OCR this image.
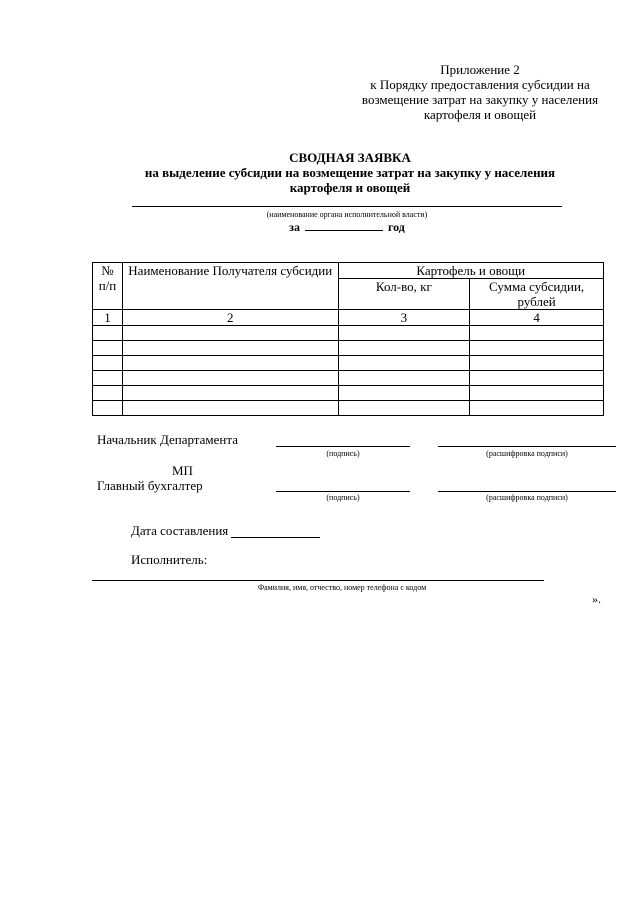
Приложение 2
к Порядку предоставления субсидии на
возмещение затрат на закупку у населения
картофеля и овощей
СВОДНАЯ ЗАЯВКА
на выделение субсидии на возмещение затрат на закупку у населения
картофеля и овощей
(наименование органа исполнительной власти)
за	год
№ п/п	Наименование Получателя субсидии	Картофель и овощи	
		Кол-во, кг	Сумма субсидии, рублей
1	2	3	4

Начальник Департамента
(подпись)	(расшифровка подписи)
МП
Главный бухгалтер
(подпись)	(расшифровка подписи)
Дата составления
Исполнитель:
Фамилия, имя, отчество, номер телефона с кодом
».
